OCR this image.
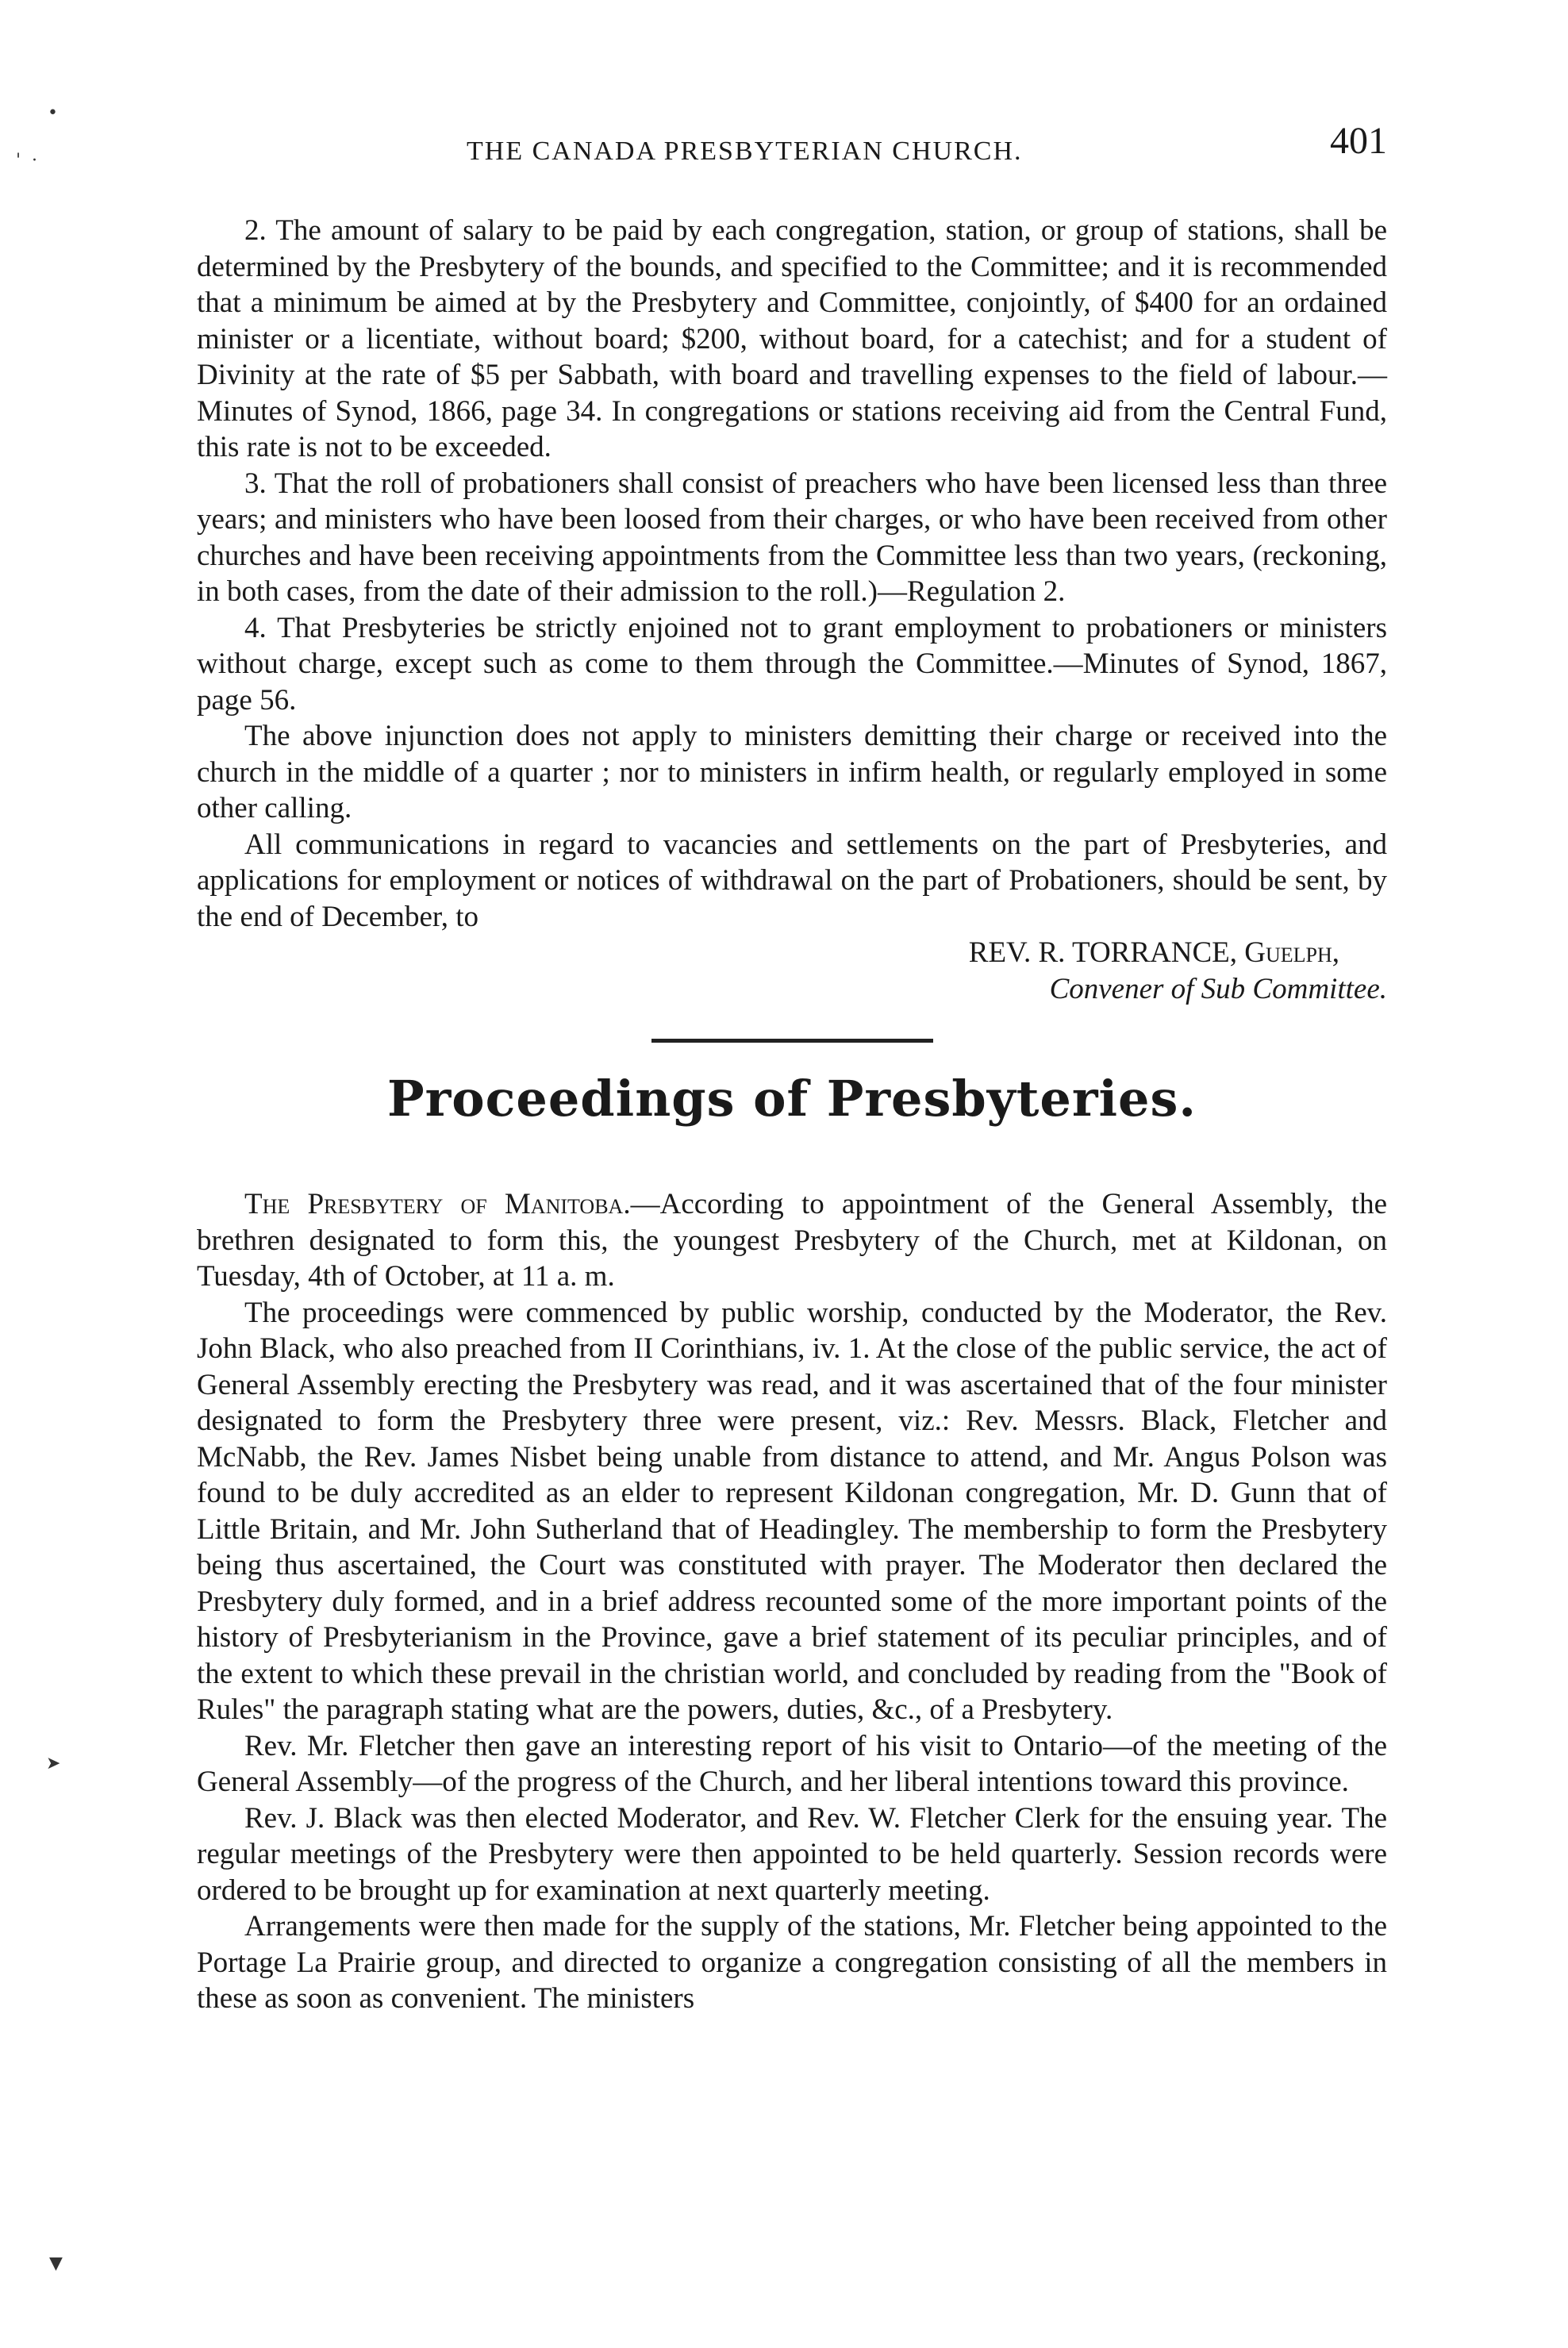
•
'  ·
➤
▼
THE CANADA PRESBYTERIAN CHURCH.	401

2. The amount of salary to be paid by each congregation, station, or group of stations, shall be determined by the Presbytery of the bounds, and specified to the Committee; and it is recommended that a minimum be aimed at by the Presbytery and Committee, conjointly, of $400 for an ordained minister or a licentiate, without board; $200, without board, for a catechist; and for a student of Divinity at the rate of $5 per Sabbath, with board and travelling expenses to the field of labour.—Minutes of Synod, 1866, page 34. In congregations or stations receiving aid from the Central Fund, this rate is not to be exceeded.

3. That the roll of probationers shall consist of preachers who have been licensed less than three years; and ministers who have been loosed from their charges, or who have been received from other churches and have been receiving appointments from the Committee less than two years, (reckoning, in both cases, from the date of their admission to the roll.)—Regulation 2.

4. That Presbyteries be strictly enjoined not to grant employment to probationers or ministers without charge, except such as come to them through the Committee.—Minutes of Synod, 1867, page 56.

The above injunction does not apply to ministers demitting their charge or received into the church in the middle of a quarter ; nor to ministers in infirm health, or regularly employed in some other calling.

All communications in regard to vacancies and settlements on the part of Presbyteries, and applications for employment or notices of withdrawal on the part of Probationers, should be sent, by the end of December, to

REV. R. TORRANCE, Guelph,
Convener of Sub Committee.
Proceedings of Presbyteries.

The Presbytery of Manitoba.—According to appointment of the General Assembly, the brethren designated to form this, the youngest Presbytery of the Church, met at Kildonan, on Tuesday, 4th of October, at 11 a. m.

The proceedings were commenced by public worship, conducted by the Moderator, the Rev. John Black, who also preached from II Corinthians, iv. 1. At the close of the public service, the act of General Assembly erecting the Presbytery was read, and it was ascertained that of the four minister designated to form the Presbytery three were present, viz.: Rev. Messrs. Black, Fletcher and McNabb, the Rev. James Nisbet being unable from distance to attend, and Mr. Angus Polson was found to be duly accredited as an elder to represent Kildonan congregation, Mr. D. Gunn that of Little Britain, and Mr. John Sutherland that of Headingley. The membership to form the Presbytery being thus ascertained, the Court was constituted with prayer. The Moderator then declared the Presbytery duly formed, and in a brief address recounted some of the more important points of the history of Presbyterianism in the Province, gave a brief statement of its peculiar principles, and of the extent to which these prevail in the christian world, and concluded by reading from the "Book of Rules" the paragraph stating what are the powers, duties, &c., of a Presbytery.

Rev. Mr. Fletcher then gave an interesting report of his visit to Ontario—of the meeting of the General Assembly—of the progress of the Church, and her liberal intentions toward this province.

Rev. J. Black was then elected Moderator, and Rev. W. Fletcher Clerk for the ensuing year. The regular meetings of the Presbytery were then appointed to be held quarterly. Session records were ordered to be brought up for examination at next quarterly meeting.

Arrangements were then made for the supply of the stations, Mr. Fletcher being appointed to the Portage La Prairie group, and directed to organize a congregation consisting of all the members in these as soon as convenient. The ministers
